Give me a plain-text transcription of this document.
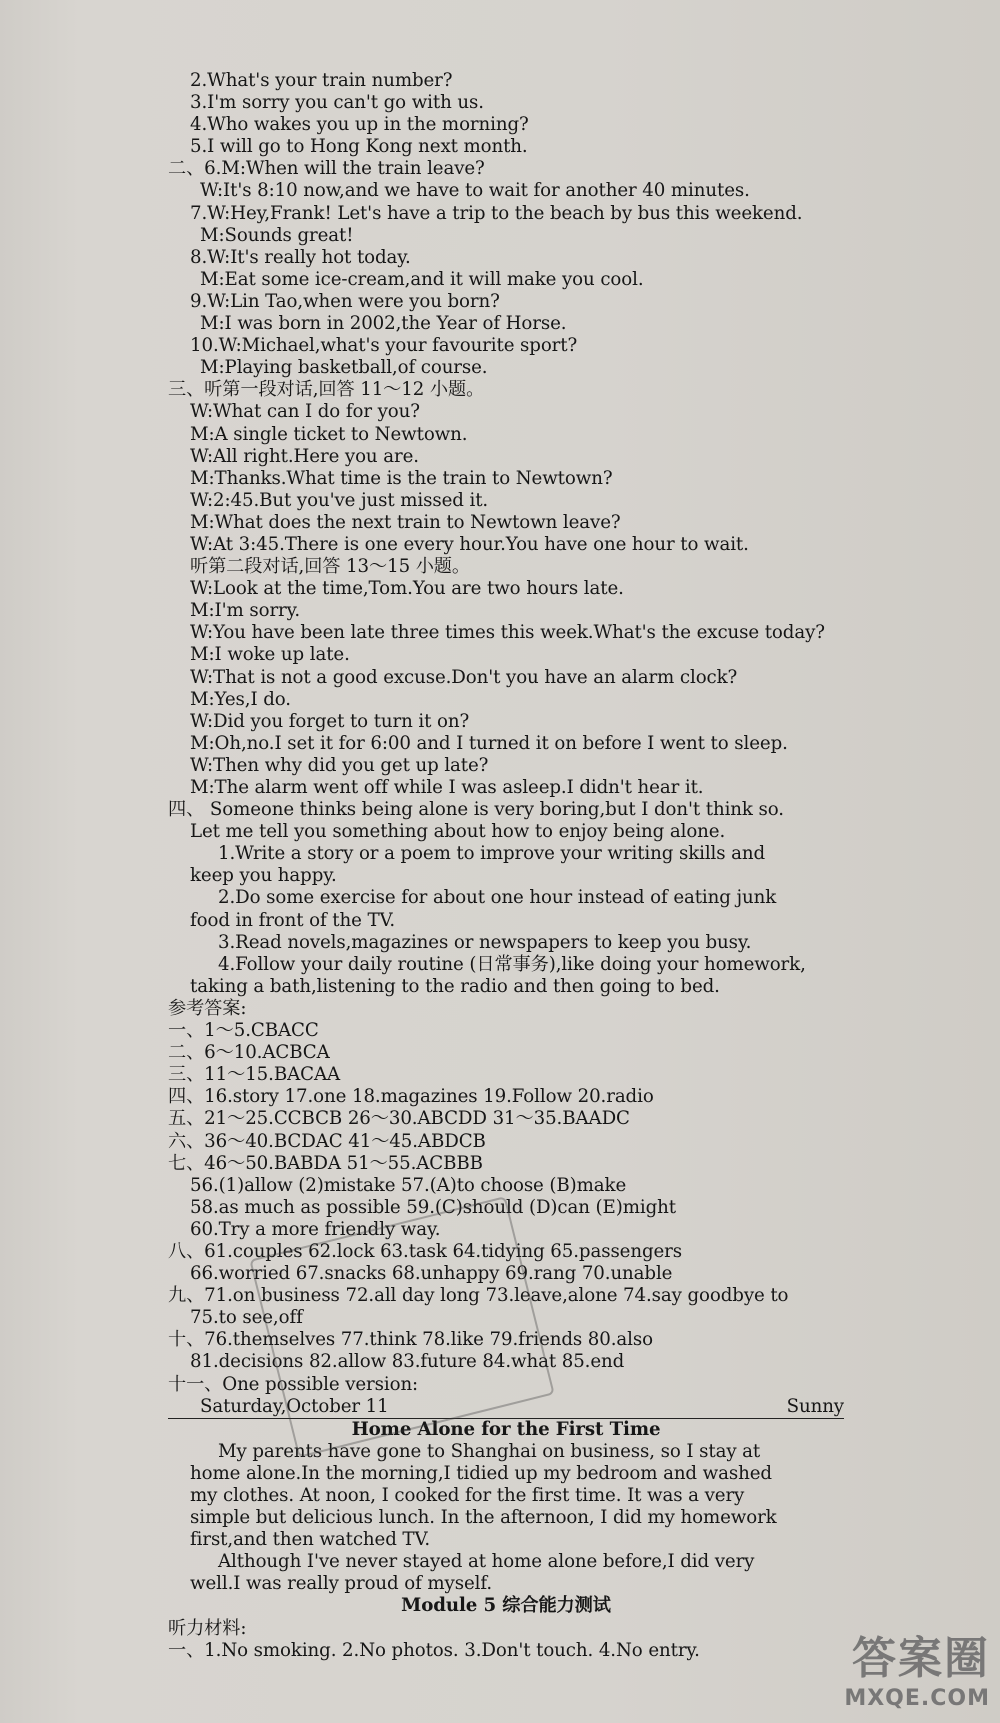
2.What's your train number?
3.I'm sorry you can't go with us.
4.Who wakes you up in the morning?
5.I will go to Hong Kong next month.
二、6.M:When will the train leave?
W:It's 8:10 now,and we have to wait for another 40 minutes.
7.W:Hey,Frank! Let's have a trip to the beach by bus this weekend.
M:Sounds great!
8.W:It's really hot today.
M:Eat some ice-cream,and it will make you cool.
9.W:Lin Tao,when were you born?
M:I was born in 2002,the Year of Horse.
10.W:Michael,what's your favourite sport?
M:Playing basketball,of course.
三、听第一段对话,回答 11～12 小题。
W:What can I do for you?
M:A single ticket to Newtown.
W:All right.Here you are.
M:Thanks.What time is the train to Newtown?
W:2:45.But you've just missed it.
M:What does the next train to Newtown leave?
W:At 3:45.There is one every hour.You have one hour to wait.
听第二段对话,回答 13～15 小题。
W:Look at the time,Tom.You are two hours late.
M:I'm sorry.
W:You have been late three times this week.What's the excuse today?
M:I woke up late.
W:That is not a good excuse.Don't you have an alarm clock?
M:Yes,I do.
W:Did you forget to turn it on?
M:Oh,no.I set it for 6:00 and I turned it on before I went to sleep.
W:Then why did you get up late?
M:The alarm went off while I was asleep.I didn't hear it.
四、 Someone thinks being alone is very boring,but I don't think so.
Let me tell you something about how to enjoy being alone.
1.Write a story or a poem to improve your writing skills and
keep you happy.
2.Do some exercise for about one hour instead of eating junk
food in front of the TV.
3.Read novels,magazines or newspapers to keep you busy.
4.Follow your daily routine (日常事务),like doing your homework,
taking a bath,listening to the radio and then going to bed.
参考答案:
一、1～5.CBACC
二、6～10.ACBCA
三、11～15.BACAA
四、16.story 17.one 18.magazines 19.Follow 20.radio
五、21～25.CCBCB 26～30.ABCDD 31～35.BAADC
六、36～40.BCDAC 41～45.ABDCB
七、46～50.BABDA 51～55.ACBBB
56.(1)allow (2)mistake 57.(A)to choose (B)make
58.as much as possible 59.(C)should (D)can (E)might
60.Try a more friendly way.
八、61.couples 62.lock 63.task 64.tidying 65.passengers
66.worried 67.snacks 68.unhappy 69.rang 70.unable
九、71.on business 72.all day long 73.leave,alone 74.say goodbye to
75.to see,off
十、76.themselves 77.think 78.like 79.friends 80.also
81.decisions 82.allow 83.future 84.what 85.end
十一、One possible version:
Saturday,October 11	Sunny
Home Alone for the First Time
My parents have gone to Shanghai on business, so I stay at
home alone.In the morning,I tidied up my bedroom and washed
my clothes. At noon, I cooked for the first time. It was a very
simple but delicious lunch. In the afternoon, I did my homework
first,and then watched TV.
Although I've never stayed at home alone before,I did very
well.I was really proud of myself.
Module 5 综合能力测试
听力材料:
一、1.No smoking. 2.No photos. 3.Don't touch. 4.No entry.	答案圈
MXQE.COM
